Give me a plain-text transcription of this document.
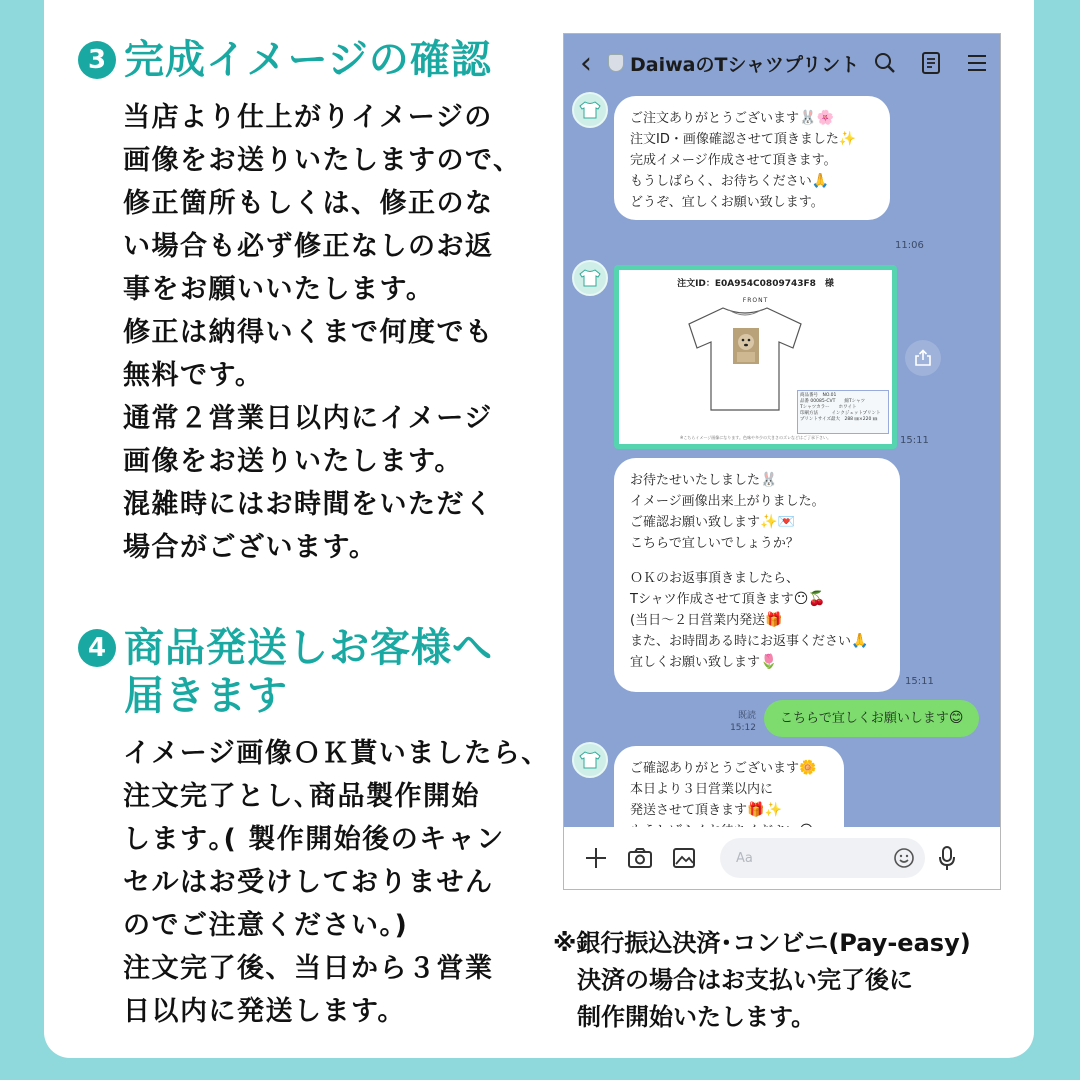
3 完成イメージの確認
当店より仕上がりイメージの
画像をお送りいたしますので、
修正箇所もしくは、修正のな
い場合も必ず修正なしのお返
事をお願いいたします。
修正は納得いくまで何度でも
無料です。
通常２営業日以内にイメージ
画像をお送りいたします。
混雑時にはお時間をいただく
場合がございます。
4 商品発送しお客様へ
届きます
イメージ画像ＯＫ貰いましたら、
注文完了とし､商品製作開始
します｡( 製作開始後のキャン
セルはお受けしておりません
のでご注意ください。)
注文完了後、当日から３営業
日以内に発送します。
‹	DaiwaのTシャツプリント
ご注文ありがとうございます🐰🌸
注文ID・画像確認させて頂きました✨
完成イメージ作成させて頂きます。
もうしばらく、お待ちください🙏
どうぞ、宜しくお願い致します。
11:06
注文ID：E0A954C0809743F8　様
FRONT
商品番号　NO.01
品番 00085-CVT　　綿Tシャツ
Tシャツカラー　　ホワイト
印刷方法　　　インクジェットプリント
プリントサイズ最大　288 ㎜×220 ㎜
※こちらイメージ画像になります。色味や多少の大きさのズレなどはご了承下さい。	15:11
お待たせいたしました🐰
イメージ画像出来上がりました。
ご確認お願い致します✨💌
こちらで宜しいでしょうか？
ＯＫのお返事頂きましたら、
Tシャツ作成させて頂きます😶🍒
(当日～２日営業内発送🎁
また、お時間ある時にお返事ください🙏
宜しくお願い致します🌷
15:11
既読
15:12
こちらで宜しくお願いします😊
ご確認ありがとうございます🌼
本日より３日営業以内に
発送させて頂きます🎁✨
Aa
※銀行振込決済･コンビニ(Pay-easy)
　決済の場合はお支払い完了後に
　制作開始いたします。
